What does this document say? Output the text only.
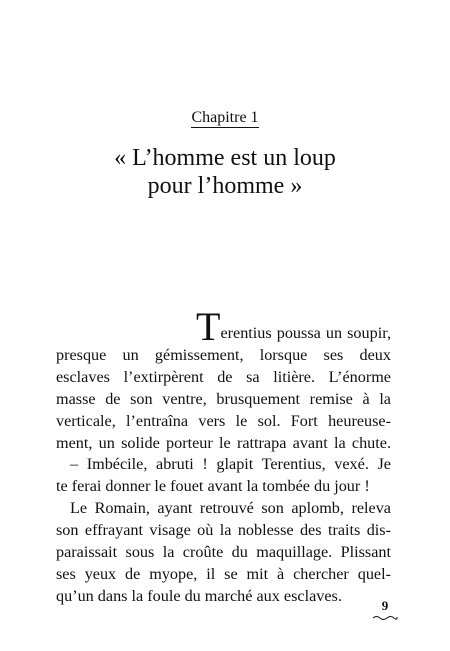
Chapitre 1
« L’homme est un loup
pour l’homme »
Terentius poussa un soupir,
presque un gémissement, lorsque ses deux
esclaves l’extirpèrent de sa litière. L’énorme
masse de son ventre, brusquement remise à la
verticale, l’entraîna vers le sol. Fort heureuse-
ment, un solide porteur le rattrapa avant la chute.
– Imbécile, abruti ! glapit Terentius, vexé. Je
te ferai donner le fouet avant la tombée du jour !
Le Romain, ayant retrouvé son aplomb, releva
son effrayant visage où la noblesse des traits dis-
paraissait sous la croûte du maquillage. Plissant
ses yeux de myope, il se mit à chercher quel-
qu’un dans la foule du marché aux esclaves.
9
